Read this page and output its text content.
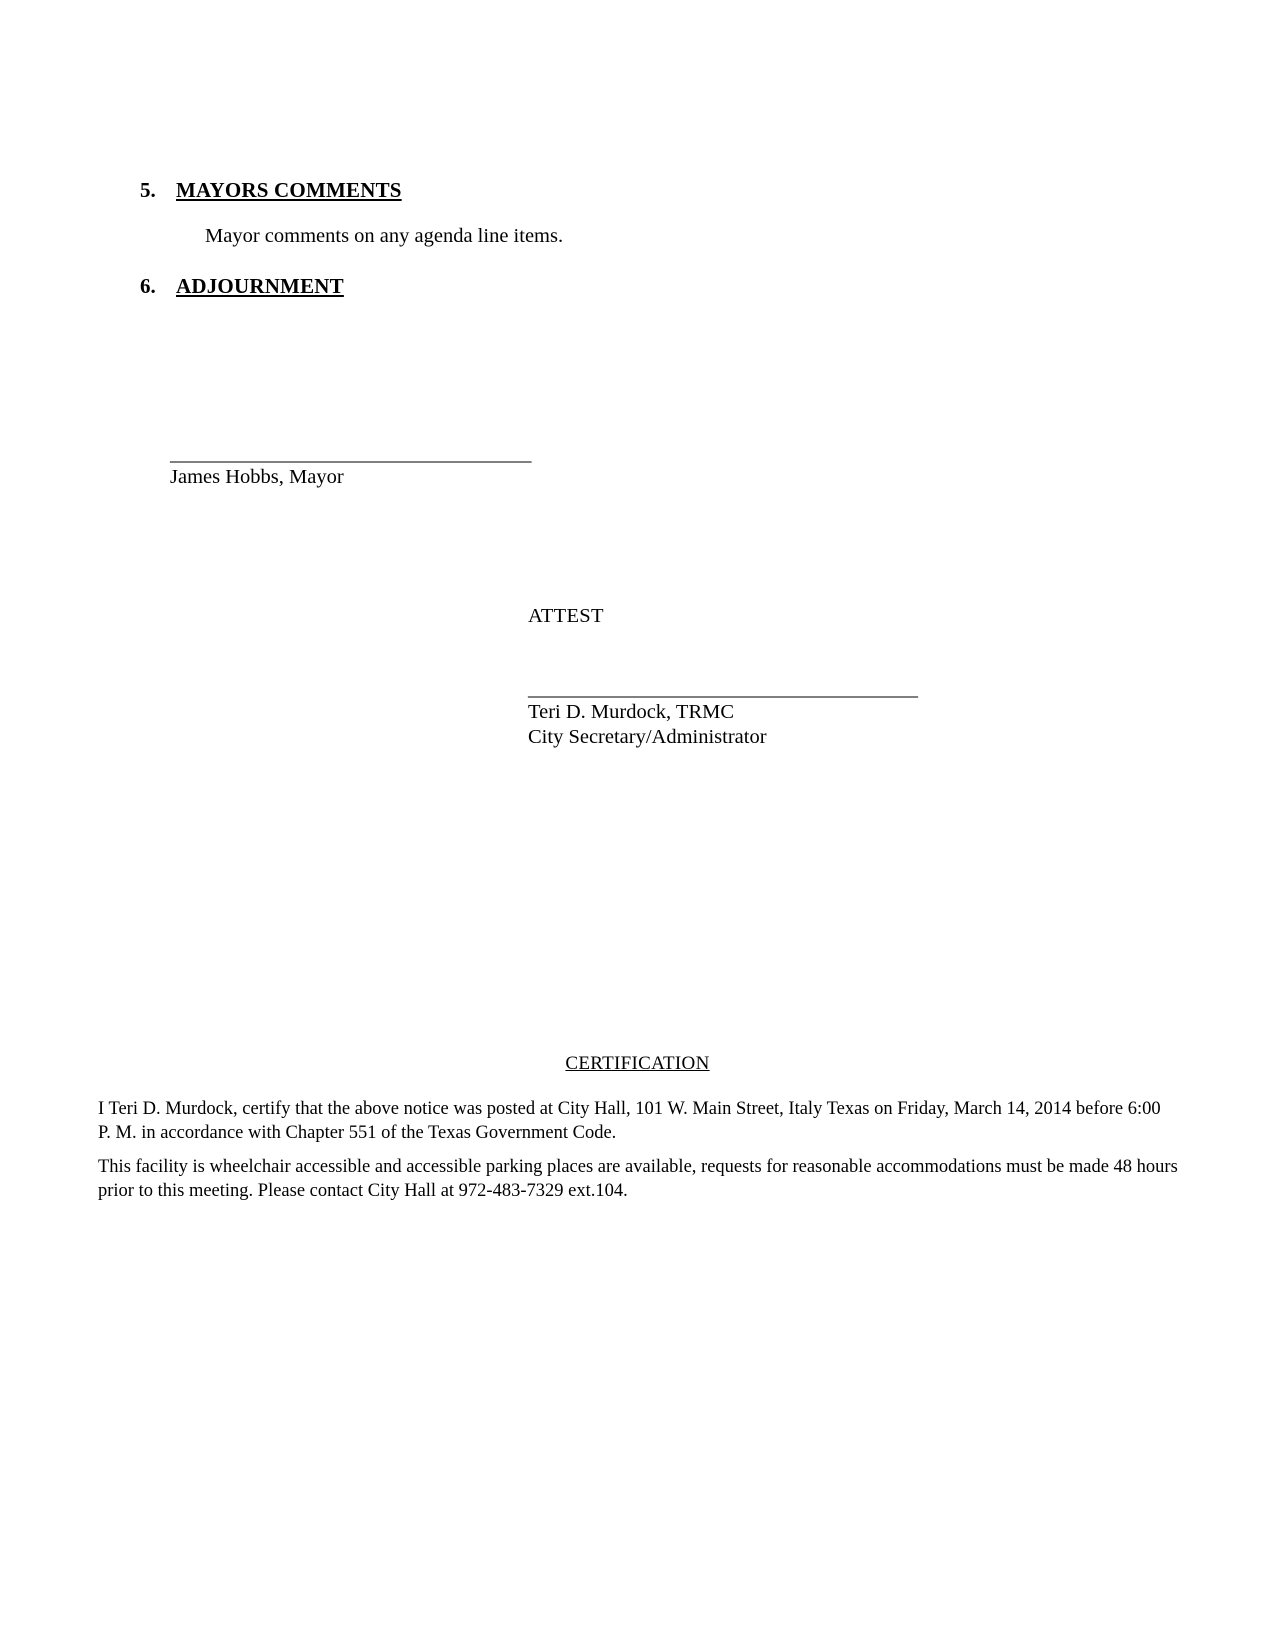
5. MAYORS COMMENTS
Mayor comments on any agenda line items.
6. ADJOURNMENT
______________________________________
James Hobbs, Mayor
ATTEST
_________________________________________
Teri D. Murdock, TRMC
City Secretary/Administrator
CERTIFICATION
I Teri D. Murdock, certify that the above notice was posted at City Hall, 101 W. Main Street, Italy Texas on Friday, March 14, 2014 before 6:00 P. M. in accordance with Chapter 551 of the Texas Government Code.
This facility is wheelchair accessible and accessible parking places are available, requests for reasonable accommodations must be made 48 hours prior to this meeting. Please contact City Hall at 972-483-7329 ext.104.
